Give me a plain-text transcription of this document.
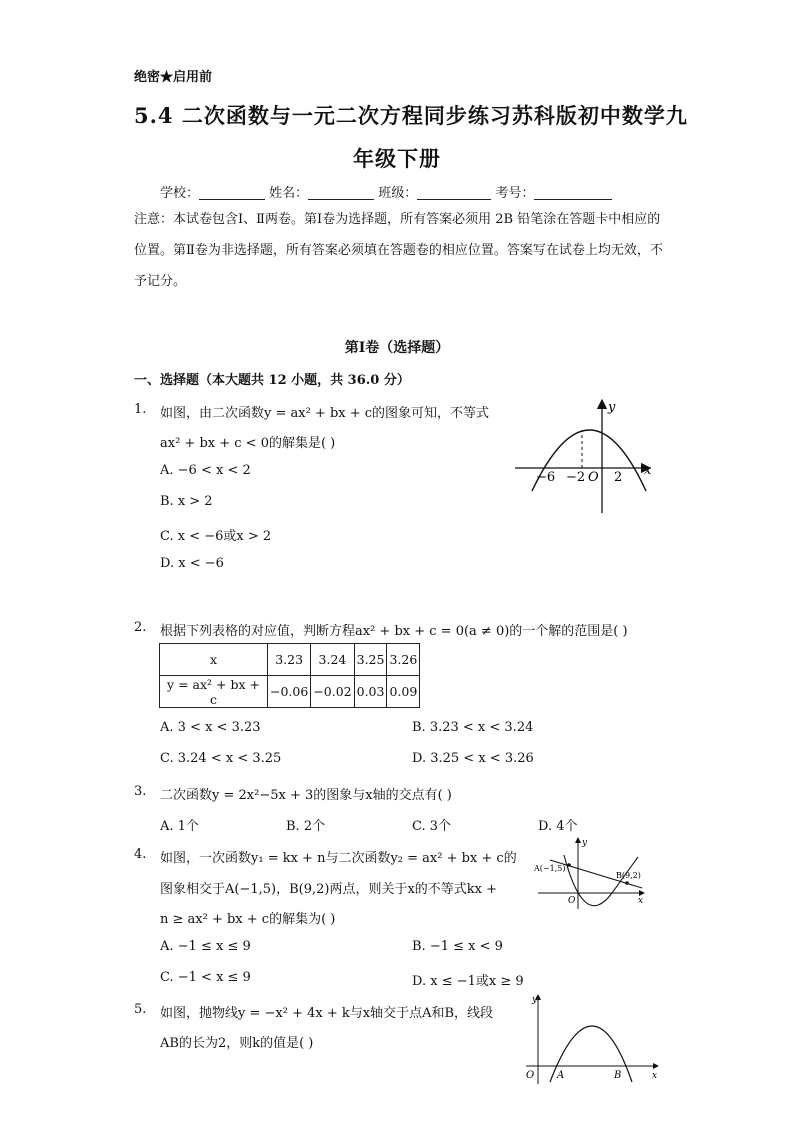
绝密★启用前
5.4 二次函数与一元二次方程同步练习苏科版初中数学九
年级下册
学校：	姓名：	班级：	考号：
注意：本试卷包含Ⅰ、Ⅱ两卷。第Ⅰ卷为选择题，所有答案必须用 2B 铅笔涂在答题卡中相应的位置。第Ⅱ卷为非选择题，所有答案必须填在答题卷的相应位置。答案写在试卷上均无效，不予记分。
第Ⅰ卷（选择题）
一、选择题（本大题共 12 小题，共 36.0 分）
1. 如图，由二次函数y = ax² + bx + c的图象可知，不等式
ax² + bx + c < 0的解集是( )
A. −6 < x < 2
B. x > 2
C. x < −6或x > 2
D. x < −6
y
x
−6 −2 O 2
2. 根据下列表格的对应值，判断方程ax² + bx + c = 0(a ≠ 0)的一个解的范围是( )
x	3.23	3.24	3.25	3.26
y = ax² + bx + c	−0.06	−0.02	0.03	0.09
A. 3 < x < 3.23	B. 3.23 < x < 3.24
C. 3.24 < x < 3.25	D. 3.25 < x < 3.26
3. 二次函数y = 2x²−5x + 3的图象与x轴的交点有( )
A. 1个	B. 2个	C. 3个	D. 4个
4. 如图，一次函数y₁ = kx + n与二次函数y₂ = ax² + bx + c的
图象相交于A(−1,5)，B(9,2)两点，则关于x的不等式kx +
n ≥ ax² + bx + c的解集为( )
A. −1 ≤ x ≤ 9	B. −1 ≤ x < 9
C. −1 < x ≤ 9	D. x ≤ −1或x ≥ 9
y
x
O
A(−1,5)
B(9,2)
5. 如图，抛物线y = −x² + 4x + k与x轴交于点A和B，线段
AB的长为2，则k的值是( )
y
x
O A	B
